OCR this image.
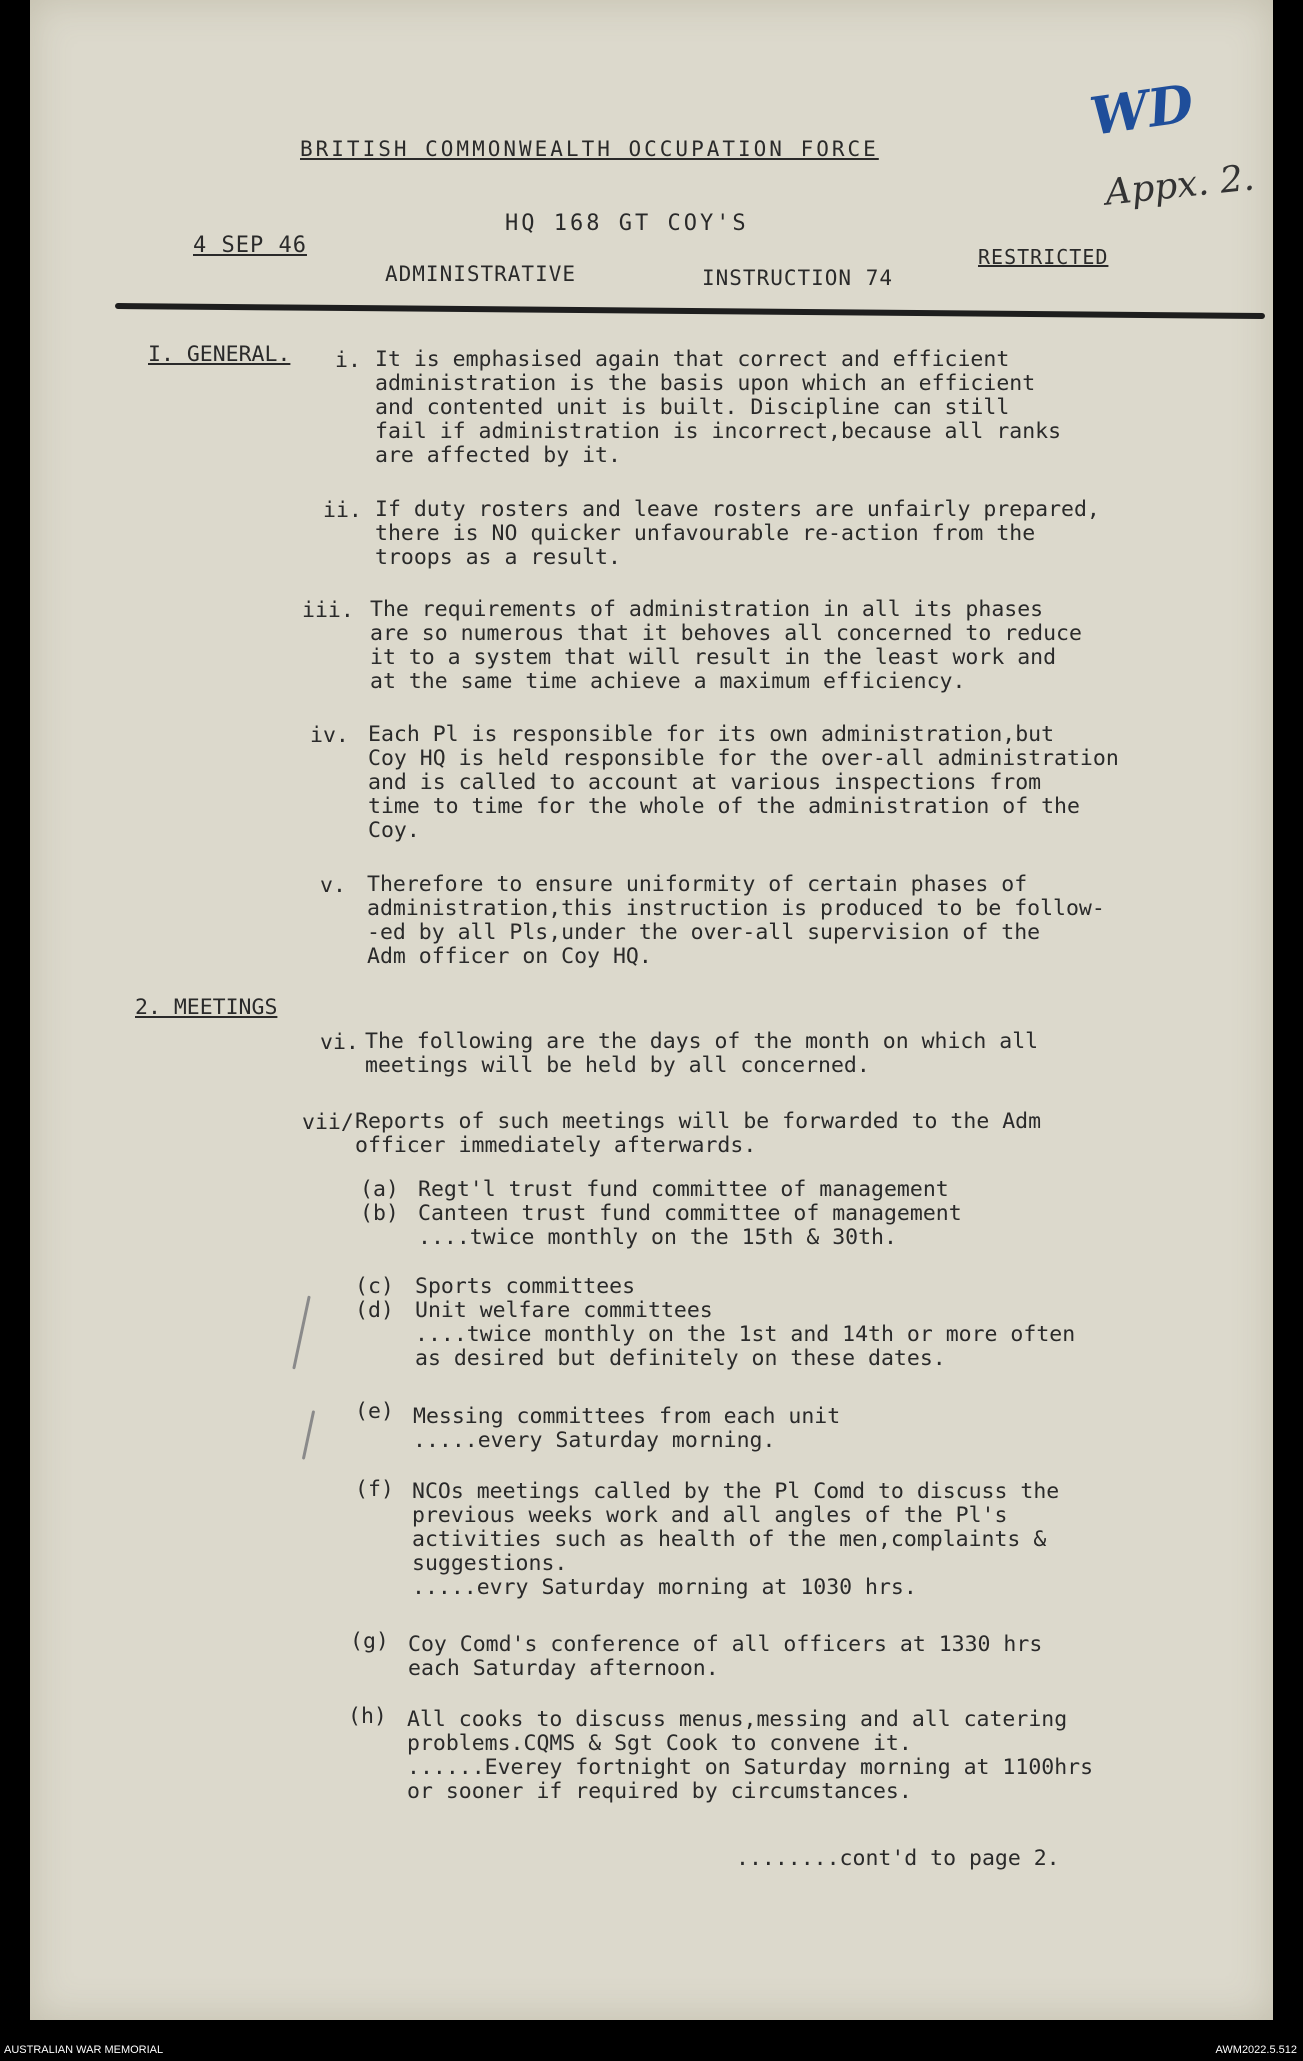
BRITISH COMMONWEALTH OCCUPATION FORCE
HQ 168 GT COY'S
4 SEP 46
ADMINISTRATIVE	INSTRUCTION 74
RESTRICTED
WD
Appx. 2.
I. GENERAL. i. It is emphasised again that correct and efficient
administration is the basis upon which an efficient
and contented unit is built. Discipline can still
fail if administration is incorrect,because all ranks
are affected by it.
ii. If duty rosters and leave rosters are unfairly prepared,
there is NO quicker unfavourable re-action from the
troops as a result.
iii. The requirements of administration in all its phases
are so numerous that it behoves all concerned to reduce
it to a system that will result in the least work and
at the same time achieve a maximum efficiency.
iv. Each Pl is responsible for its own administration,but
Coy HQ is held responsible for the over-all administration
and is called to account at various inspections from
time to time for the whole of the administration of the
Coy.
v. Therefore to ensure uniformity of certain phases of
administration,this instruction is produced to be follow-
-ed by all Pls,under the over-all supervision of the
Adm officer on Coy HQ.
2. MEETINGS
vi. The following are the days of the month on which all
meetings will be held by all concerned.
vii/ Reports of such meetings will be forwarded to the Adm
officer immediately afterwards.
(a)
(b)
Regt'l trust fund committee of management
Canteen trust fund committee of management
....twice monthly on the 15th & 30th.
(c)
(d)
Sports committees
Unit welfare committees
....twice monthly on the 1st and 14th or more often
as desired but definitely on these dates.
(e) Messing committees from each unit
.....every Saturday morning.
(f) NCOs meetings called by the Pl Comd to discuss the
previous weeks work and all angles of the Pl's
activities such as health of the men,complaints &
suggestions.
.....evry Saturday morning at 1030 hrs.
(g) Coy Comd's conference of all officers at 1330 hrs
each Saturday afternoon.
(h) All cooks to discuss menus,messing and all catering
problems.CQMS & Sgt Cook to convene it.
......Everey fortnight on Saturday morning at 1100hrs
or sooner if required by circumstances.
........cont'd to page 2.
AUSTRALIAN WAR MEMORIAL	AWM2022.5.512
